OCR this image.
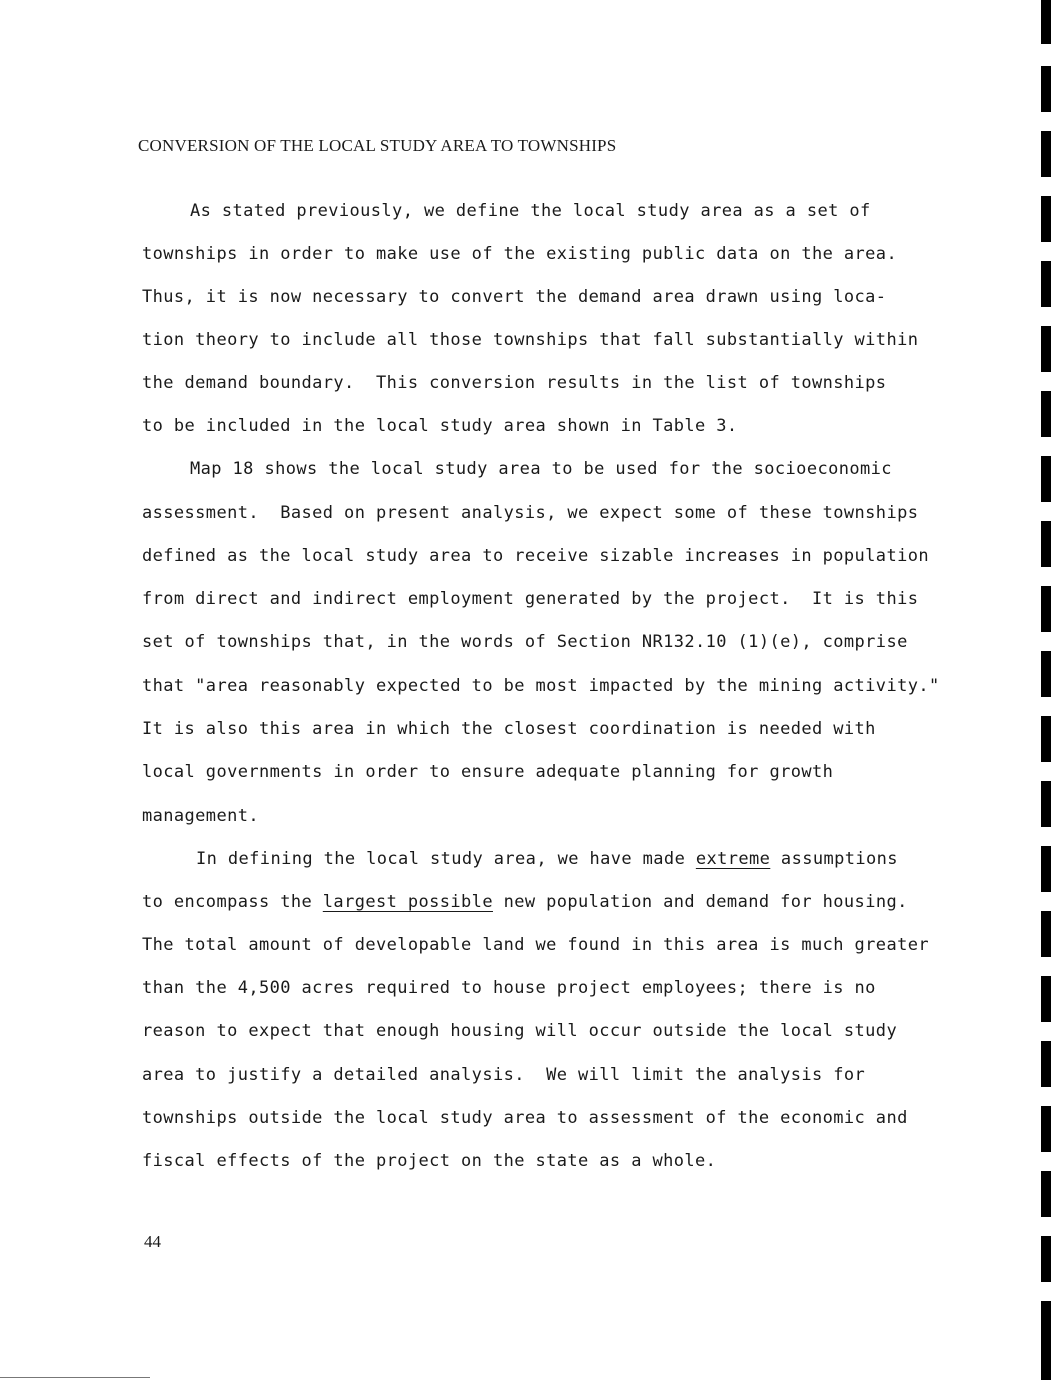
CONVERSION OF THE LOCAL STUDY AREA TO TOWNSHIPS
As stated previously, we define the local study area as a set of
townships in order to make use of the existing public data on the area.
Thus, it is now necessary to convert the demand area drawn using loca-
tion theory to include all those townships that fall substantially within
the demand boundary.  This conversion results in the list of townships
to be included in the local study area shown in Table 3.
Map 18 shows the local study area to be used for the socioeconomic
assessment.  Based on present analysis, we expect some of these townships
defined as the local study area to receive sizable increases in population
from direct and indirect employment generated by the project.  It is this
set of townships that, in the words of Section NR132.10 (1)(e), comprise
that "area reasonably expected to be most impacted by the mining activity."
It is also this area in which the closest coordination is needed with
local governments in order to ensure adequate planning for growth
management.
In defining the local study area, we have made extreme assumptions
to encompass the largest possible new population and demand for housing.
The total amount of developable land we found in this area is much greater
than the 4,500 acres required to house project employees; there is no
reason to expect that enough housing will occur outside the local study
area to justify a detailed analysis.  We will limit the analysis for
townships outside the local study area to assessment of the economic and
fiscal effects of the project on the state as a whole.
44
